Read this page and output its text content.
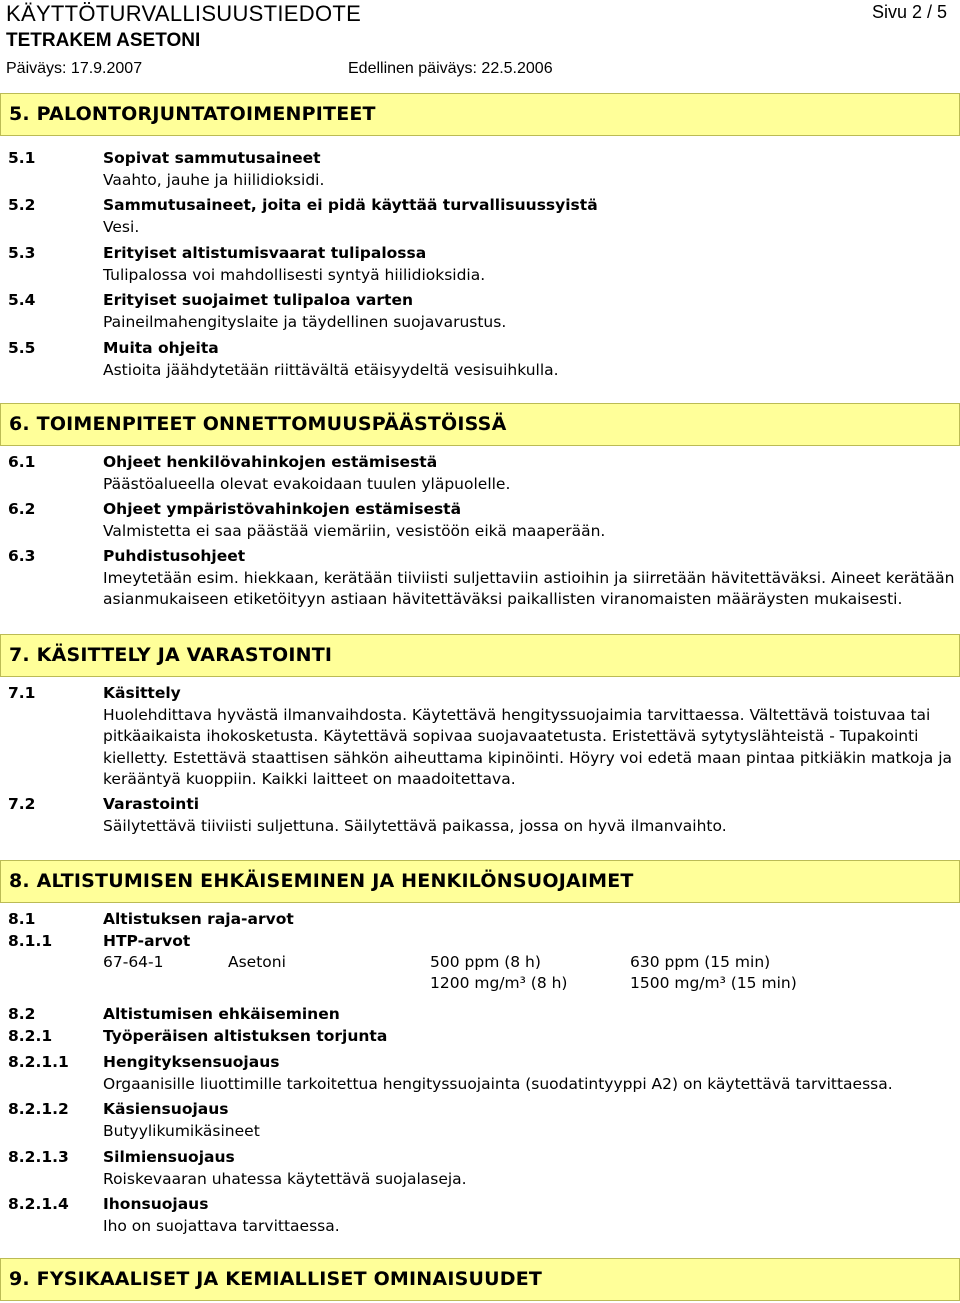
KÄYTTÖTURVALLISUUSTIEDOTE	Sivu 2 / 5
TETRAKEM ASETONI
Päiväys: 17.9.2007	Edellinen päiväys: 22.5.2006
5. PALONTORJUNTATOIMENPITEET
5.1	Sopivat sammutusaineet
Vaahto, jauhe ja hiilidioksidi.
5.2	Sammutusaineet, joita ei pidä käyttää turvallisuussyistä
Vesi.
5.3	Erityiset altistumisvaarat tulipalossa
Tulipalossa voi mahdollisesti syntyä hiilidioksidia.
5.4	Erityiset suojaimet tulipaloa varten
Paineilmahengityslaite ja täydellinen suojavarustus.
5.5	Muita ohjeita
Astioita jäähdytetään riittävältä etäisyydeltä vesisuihkulla.
6. TOIMENPITEET ONNETTOMUUSPÄÄSTÖISSÄ
6.1	Ohjeet henkilövahinkojen estämisestä
Päästöalueella olevat evakoidaan tuulen yläpuolelle.
6.2	Ohjeet ympäristövahinkojen estämisestä
Valmistetta ei saa päästää viemäriin, vesistöön eikä maaperään.
6.3	Puhdistusohjeet
Imeytetään esim. hiekkaan, kerätään tiiviisti suljettaviin astioihin ja siirretään hävitettäväksi. Aineet kerätään
asianmukaiseen etiketöityyn astiaan hävitettäväksi paikallisten viranomaisten määräysten mukaisesti.
7. KÄSITTELY JA VARASTOINTI
7.1	Käsittely
Huolehdittava hyvästä ilmanvaihdosta. Käytettävä hengityssuojaimia tarvittaessa. Vältettävä toistuvaa tai
pitkäaikaista ihokosketusta. Käytettävä sopivaa suojavaatetusta. Eristettävä sytytyslähteistä - Tupakointi
kielletty. Estettävä staattisen sähkön aiheuttama kipinöinti. Höyry voi edetä maan pintaa pitkiäkin matkoja ja
kerääntyä kuoppiin. Kaikki laitteet on maadoitettava.
7.2	Varastointi
Säilytettävä tiiviisti suljettuna. Säilytettävä paikassa, jossa on hyvä ilmanvaihto.
8. ALTISTUMISEN EHKÄISEMINEN JA HENKILÖNSUOJAIMET
8.1	Altistuksen raja-arvot
8.1.1	HTP-arvot
67-64-1	Asetoni	500 ppm (8 h)	630 ppm (15 min)
1200 mg/m³ (8 h)	1500 mg/m³ (15 min)
8.2	Altistumisen ehkäiseminen
8.2.1	Työperäisen altistuksen torjunta
8.2.1.1 Hengityksensuojaus
Orgaanisille liuottimille tarkoitettua hengityssuojainta (suodatintyyppi A2) on käytettävä tarvittaessa.
8.2.1.2 Käsiensuojaus
Butyylikumikäsineet
8.2.1.3 Silmiensuojaus
Roiskevaaran uhatessa käytettävä suojalaseja.
8.2.1.4 Ihonsuojaus
Iho on suojattava tarvittaessa.
9. FYSIKAALISET JA KEMIALLISET OMINAISUUDET
